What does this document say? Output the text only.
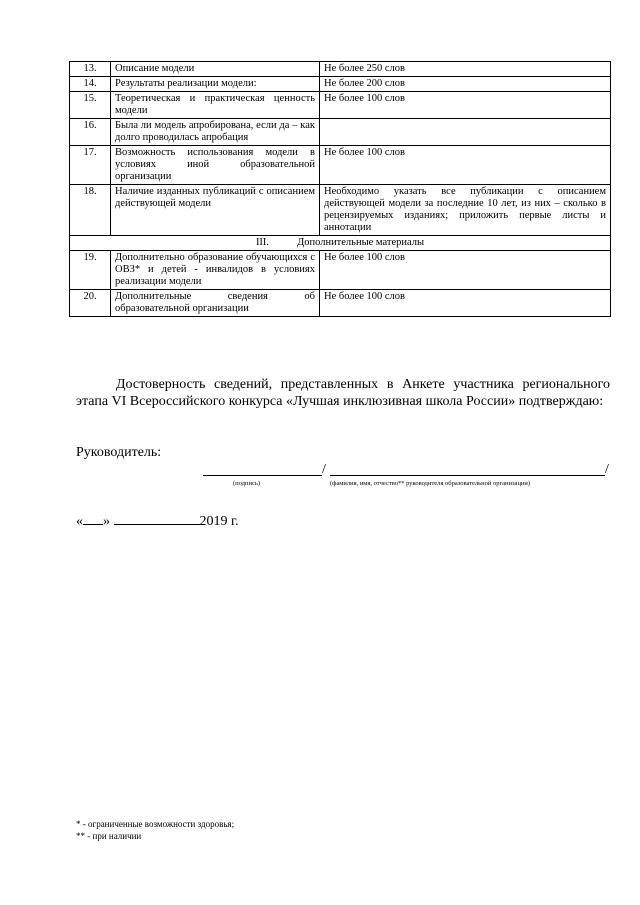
13.	Описание модели	Не более 250 слов
14.	Результаты реализации модели:	Не более 200 слов
15.	Теоретическая и практическая ценность модели	Не более 100 слов
16.	Была ли модель апробирована, если да – как долго проводилась апробация	
17.	Возможность использования модели в условиях иной образовательной организации	Не более 100 слов
18.	Наличие изданных публикаций с описанием действующей модели	Необходимо указать все публикации с описанием действующей модели за последние 10 лет, из них – сколько в рецензируемых изданиях; приложить первые листы и аннотации
III. Дополнительные материалы		
19.	Дополнительно образование обучающихся с ОВЗ* и детей - инвалидов в условиях реализации модели	Не более 100 слов
20.	Дополнительные сведения об образовательной организации	Не более 100 слов
Достоверность сведений, представленных в Анкете участника регионального этапа VI Всероссийского конкурса «Лучшая инклюзивная школа России» подтверждаю:
Руководитель:
/	/
(подпись)	(фамилия, имя, отчество** руководителя образовательной организации)
« »	2019 г.
* - ограниченные возможности здоровья;
** - при наличии
